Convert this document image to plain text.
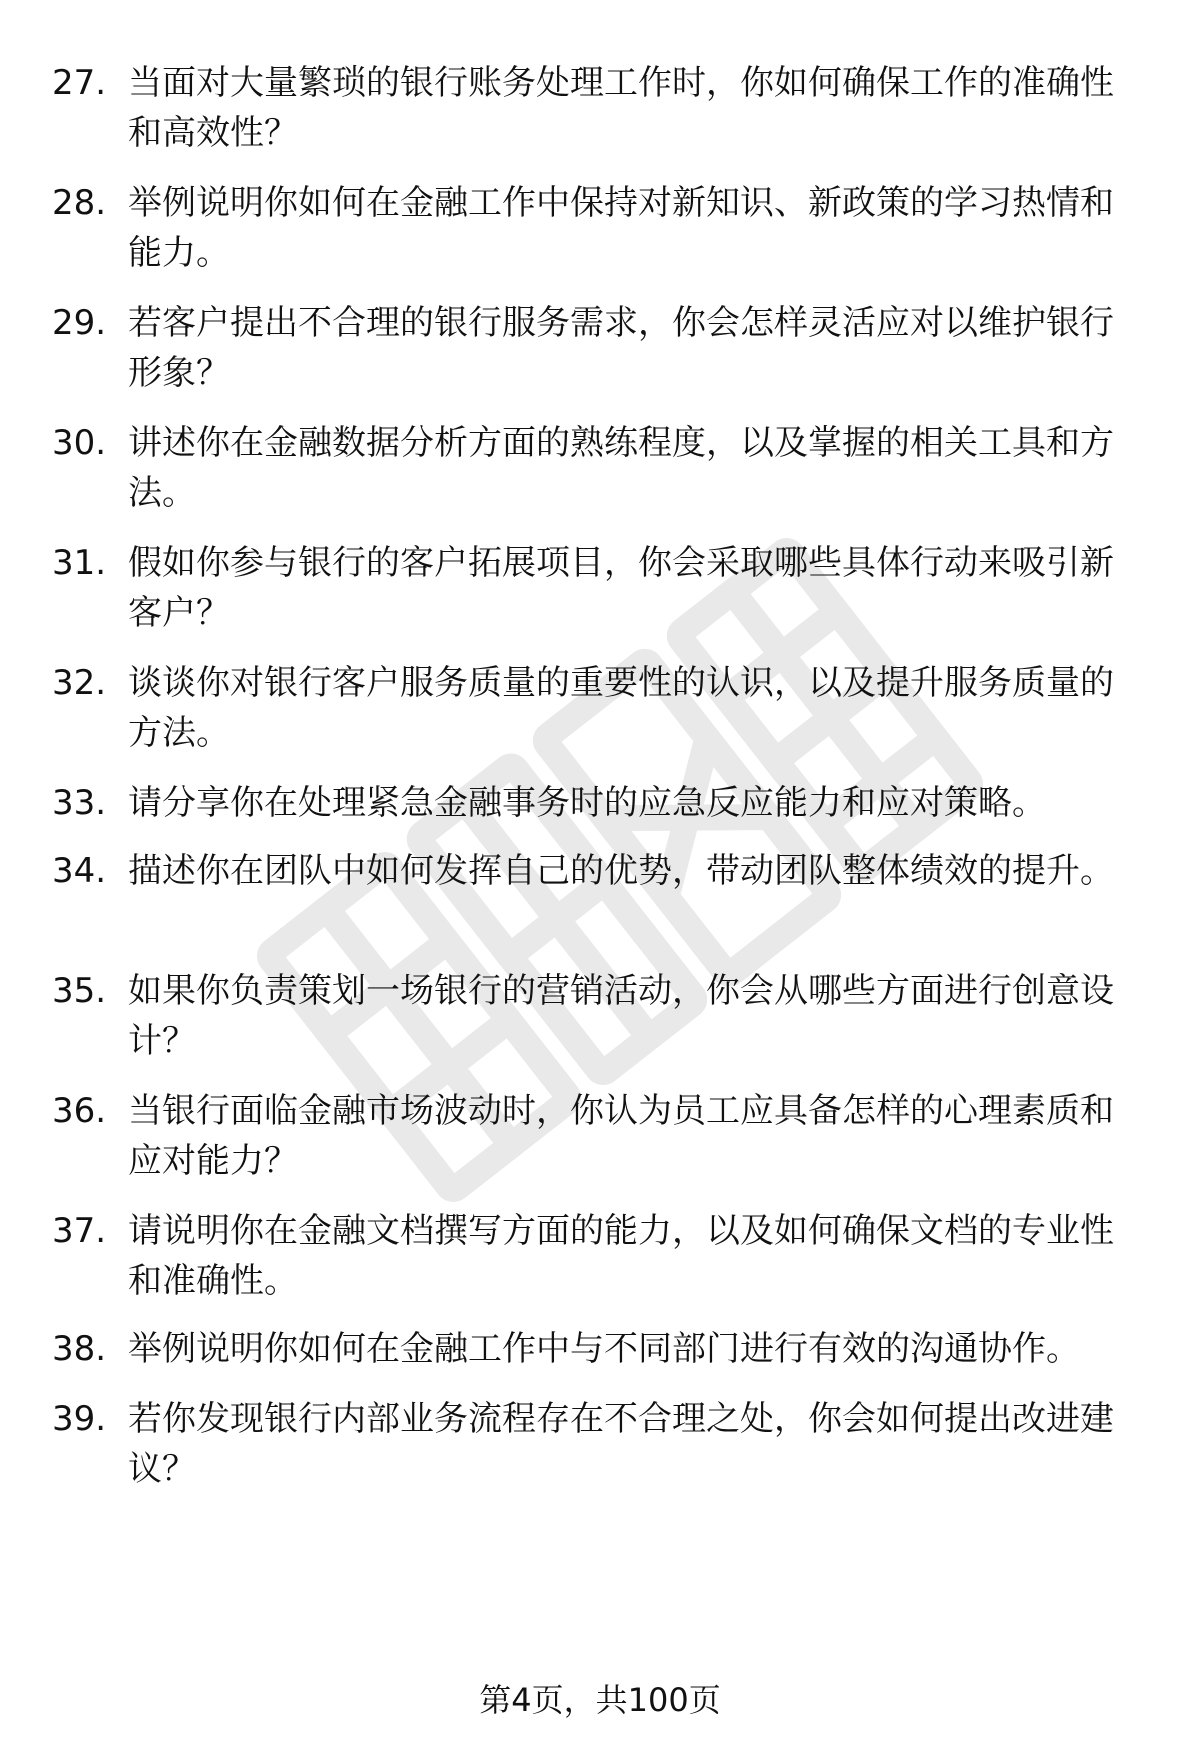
27. 当面对大量繁琐的银行账务处理工作时，你如何确保工作的准确性和高效性？
28. 举例说明你如何在金融工作中保持对新知识、新政策的学习热情和能力。
29. 若客户提出不合理的银行服务需求，你会怎样灵活应对以维护银行形象？
30. 讲述你在金融数据分析方面的熟练程度，以及掌握的相关工具和方法。
31. 假如你参与银行的客户拓展项目，你会采取哪些具体行动来吸引新客户？
32. 谈谈你对银行客户服务质量的重要性的认识，以及提升服务质量的方法。
33. 请分享你在处理紧急金融事务时的应急反应能力和应对策略。
34. 描述你在团队中如何发挥自己的优势，带动团队整体绩效的提升。
35. 如果你负责策划一场银行的营销活动，你会从哪些方面进行创意设计？
36. 当银行面临金融市场波动时，你认为员工应具备怎样的心理素质和应对能力？
37. 请说明你在金融文档撰写方面的能力，以及如何确保文档的专业性和准确性。
38. 举例说明你如何在金融工作中与不同部门进行有效的沟通协作。
39. 若你发现银行内部业务流程存在不合理之处，你会如何提出改进建议？
第4页，共100页
